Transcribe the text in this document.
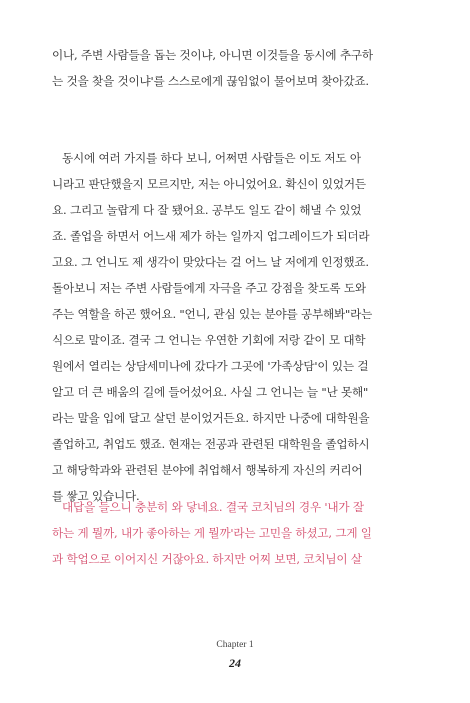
이나, 주변 사람들을 돕는 것이냐, 아니면 이것들을 동시에 추구하
는 것을 찾을 것이냐'를 스스로에게 끊임없이 물어보며 찾아갔죠.
동시에 여러 가지를 하다 보니, 어쩌면 사람들은 이도 저도 아
니라고 판단했을지 모르지만, 저는 아니었어요. 확신이 있었거든
요. 그리고 놀랍게 다 잘 됐어요. 공부도 일도 같이 해낼 수 있었
죠. 졸업을 하면서 어느새 제가 하는 일까지 업그레이드가 되더라
고요. 그 언니도 제 생각이 맞았다는 걸 어느 날 저에게 인정했죠.
돌아보니 저는 주변 사람들에게 자극을 주고 강점을 찾도록 도와
주는 역할을 하곤 했어요. "언니, 관심 있는 분야를 공부해봐"라는
식으로 말이죠. 결국 그 언니는 우연한 기회에 저랑 같이 모 대학
원에서 열리는 상담세미나에 갔다가 그곳에 '가족상담'이 있는 걸
알고 더 큰 배움의 길에 들어섰어요. 사실 그 언니는 늘 "난 못해"
라는 말을 입에 달고 살던 분이었거든요. 하지만 나중에 대학원을
졸업하고, 취업도 했죠. 현재는 전공과 관련된 대학원을 졸업하시
고 해당학과와 관련된 분야에 취업해서 행복하게 자신의 커리어
를 쌓고 있습니다.
대답을 들으니 충분히 와 닿네요. 결국 코치님의 경우 '내가 잘
하는 게 뭘까, 내가 좋아하는 게 뭘까'라는 고민을 하셨고, 그게 일
과 학업으로 이어지신 거잖아요. 하지만 어찌 보면, 코치님이 살
Chapter 1
24
